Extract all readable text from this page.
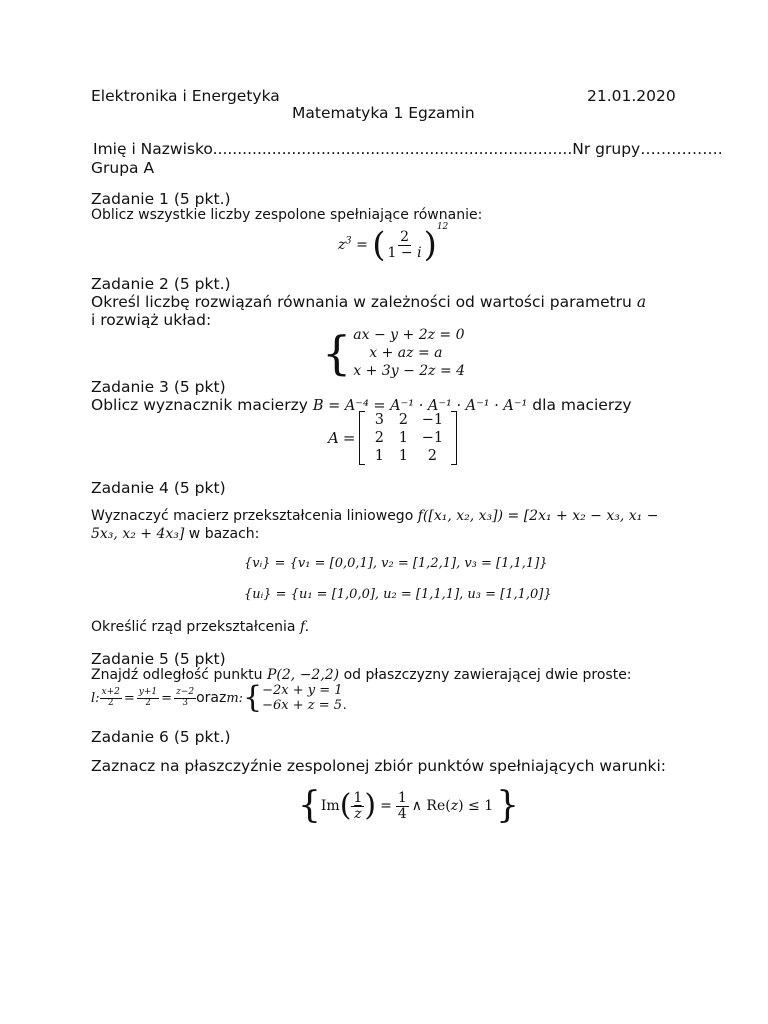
Elektronika i Energetyka	21.01.2020
Matematyka 1 Egzamin
Imię i Nazwisko.........................................................................Nr grupy…………….
Grupa A
Zadanie 1 (5 pkt.)
Oblicz wszystkie liczby zespolone spełniające równanie:
$z^3$ = ( $\frac{2}{1 - i} )^{12}$
Zadanie 2 (5 pkt.)
Określ liczbę rozwiązań równania w zależności od wartości parametru a
i rozwiąż układ:
{ ax − y + 2z = 0
x + az = a
x + 3y − 2z = 4
Zadanie 3 (5 pkt)
Oblicz wyznacznik macierzy B = A⁻⁴ = A⁻¹ · A⁻¹ · A⁻¹ · A⁻¹ dla macierzy
A =
3	2 −1
2	1 −1
1	1	2
Zadanie 4 (5 pkt)
Wyznaczyć macierz przekształcenia liniowego f([x₁, x₂, x₃]) = [2x₁ + x₂ − x₃, x₁ −
5x₃, x₂ + 4x₃] w bazach:
{vᵢ} = {v₁ = [0,0,1], v₂ = [1,2,1], v₃ = [1,1,1]}
{uᵢ} = {u₁ = [1,0,0], u₂ = [1,1,1], u₃ = [1,1,0]}
Określić rząd przekształcenia f.
Zadanie 5 (5 pkt)
Znajdź odległość punktu P(2, −2,2) od płaszczyzny zawierającej dwie proste:
l: $\frac{x+2}{2} = \frac{y+1}{2} = \frac{z-2}{3}$ oraz m: { −2x + y = 1
−6x + z = 5 .
Zadanie 6 (5 pkt.)
Zaznacz na płaszczyźnie zespolonej zbiór punktów spełniających warunki:
{ Im ( $\frac{1}{z}$ ) = $\frac{1}{4}$ ∧ Re(z) ≤ 1 }
